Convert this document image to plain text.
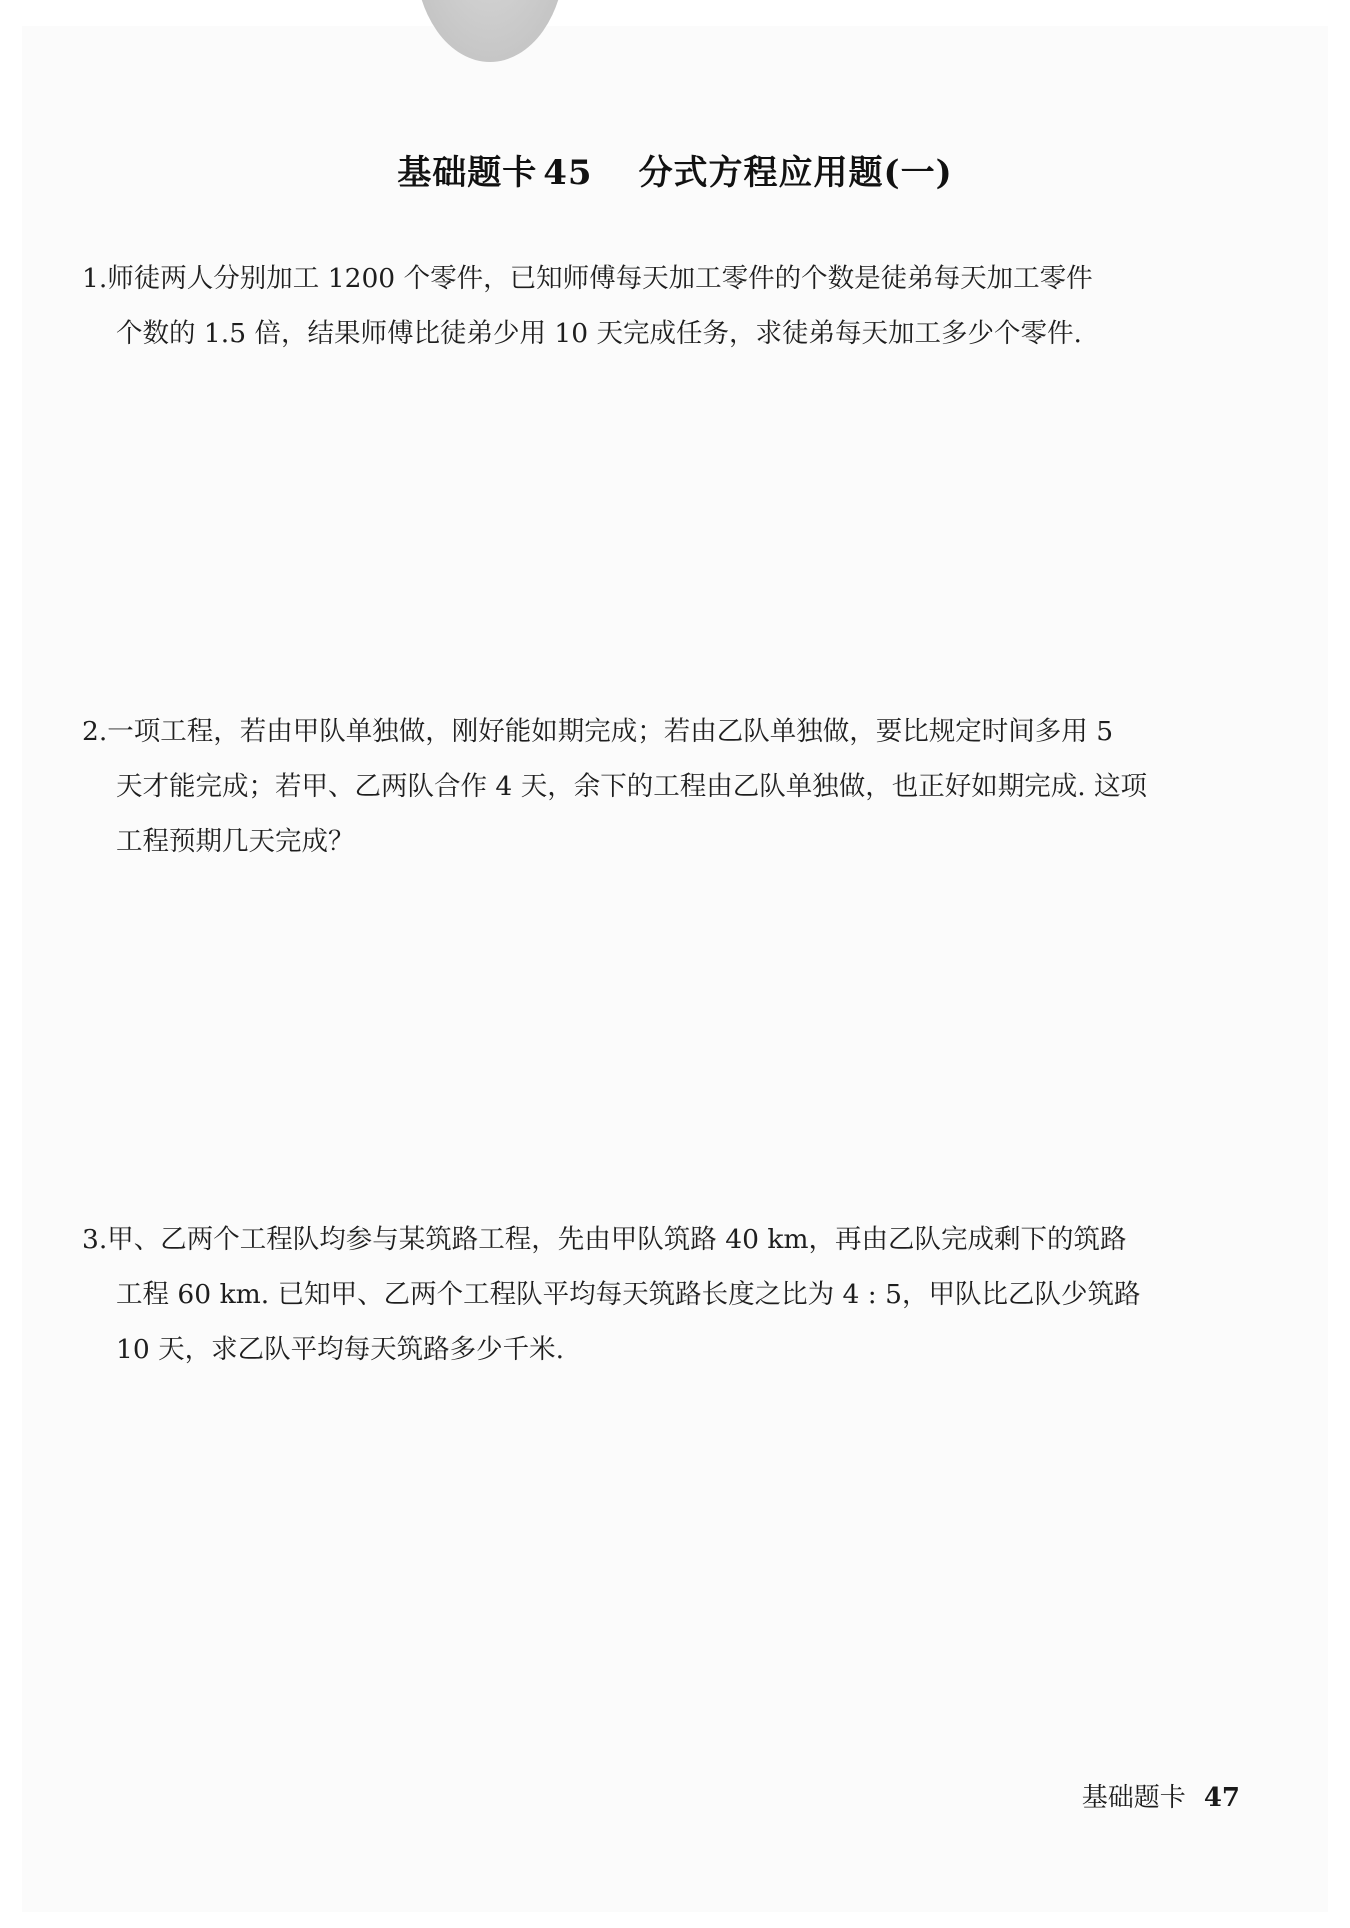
基础题卡 45 分式方程应用题(一)
1.师徒两人分别加工 1200 个零件，已知师傅每天加工零件的个数是徒弟每天加工零件
个数的 1.5 倍，结果师傅比徒弟少用 10 天完成任务，求徒弟每天加工多少个零件.
2.一项工程，若由甲队单独做，刚好能如期完成；若由乙队单独做，要比规定时间多用 5
天才能完成；若甲、乙两队合作 4 天，余下的工程由乙队单独做，也正好如期完成. 这项
工程预期几天完成？
3.甲、乙两个工程队均参与某筑路工程，先由甲队筑路 40 km，再由乙队完成剩下的筑路
工程 60 km. 已知甲、乙两个工程队平均每天筑路长度之比为 4 : 5，甲队比乙队少筑路
10 天，求乙队平均每天筑路多少千米.
基础题卡 47
